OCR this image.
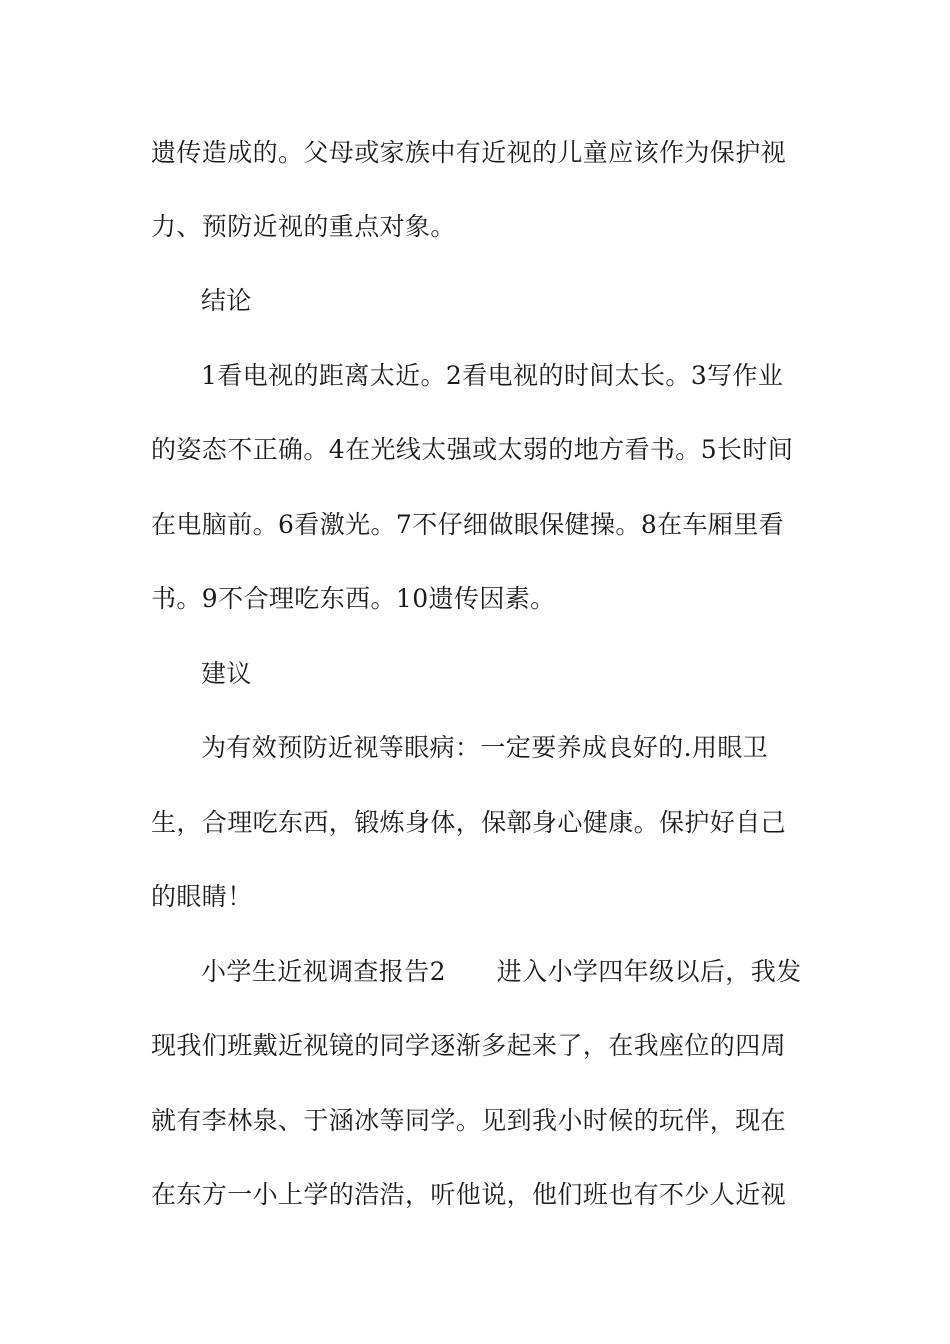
遗传造成的。父母或家族中有近视的儿童应该作为保护视
力、预防近视的重点对象。
结论
1看电视的距离太近。2看电视的时间太长。3写作业
的姿态不正确。4在光线太强或太弱的地方看书。5长时间
在电脑前。6看激光。7不仔细做眼保健操。8在车厢里看
书。9不合理吃东西。10遗传因素。
建议
为有效预防近视等眼病：一定要养成良好的.用眼卫
生，合理吃东西，锻炼身体，保鄣身心健康。保护好自己
的眼睛！
小学生近视调查报告2　　进入小学四年级以后，我发
现我们班戴近视镜的同学逐渐多起来了，在我座位的四周
就有李林泉、于涵冰等同学。见到我小时候的玩伴，现在
在东方一小上学的浩浩，听他说，他们班也有不少人近视
